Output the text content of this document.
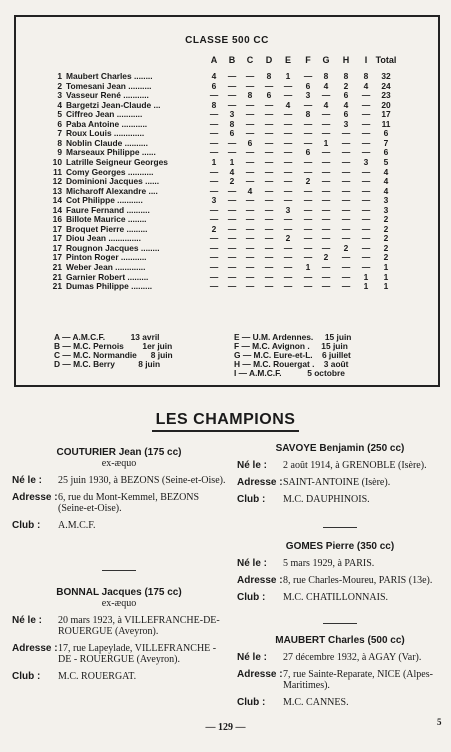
CLASSE 500 CC
A	B	C	D	E	F	G	H	I Total
1 Maubert Charles ........	4	—	—	8	1	—	8	8	8	32
2 Tomesani Jean ..........	6	—	—	—	—	6	4	2	4	24
3 Vasseur René ...........	—	—	8	6	—	3	—	6	—	23
4 Bargetzi Jean-Claude ...	8	—	—	—	4	—	4	4	—	20
5 Ciffreo Jean ...........	—	3	—	—	—	8	—	6	—	17
6 Paba Antoine ...........	—	8	—	—	—	—	—	3	—	11
7 Roux Louis .............	—	6	—	—	—	—	—	—	—	6
8 Noblin Claude ..........	—	—	6	—	—	—	1	—	—	7
9 Marseaux Philippe ......	—	—	—	—	—	6	—	—	—	6
10 Latrille Seigneur Georges	1	1	—	—	—	—	—	—	3	5
11 Comy Georges ...........	—	4	—	—	—	—	—	—	—	4
12 Dominioni Jacques ......	—	2	—	—	—	2	—	—	—	4
13 Micharoff Alexandre ....	—	—	4	—	—	—	—	—	—	4
14 Cot Philippe ...........	3	—	—	—	—	—	—	—	—	3
14 Faure Fernand ..........	—	—	—	—	3	—	—	—	—	3
16 Billote Maurice ........	—	—	—	—	—	—	—	—	—	2
17 Broquet Pierre .........	2	—	—	—	—	—	—	—	—	2
17 Diou Jean ..............	—	—	—	—	2	—	—	—	—	2
17 Rougnon Jacques ........	—	—	—	—	—	—	—	2	—	2
17 Pinton Roger ...........	—	—	—	—	—	—	2	—	—	2
21 Weber Jean .............	—	—	—	—	—	1	—	—	—	1
21 Garnier Robert .........	—	—	—	—	—	—	—	—	1	1
21 Dumas Philippe .........	—	—	—	—	—	—	—	—	1	1
A — A.M.C.F.           13 avril
B — M.C. Pernois        1er juin
C — M.C. Normandie      8 juin
D — M.C. Berry          8 juin
E — U.M. Ardennes.     15 juin
F — M.C. Avignon .     15 juin
G — M.C. Eure-et-L.    6 juillet
H — M.C. Rouergat .    3 août
I — A.M.C.F.           5 octobre
LES CHAMPIONS
COUTURIER Jean (175 cc)
ex-æquo
Né le : 25 juin 1930, à BEZONS (Seine-et-Oise).
Adresse :6, rue du Mont-Kemmel, BEZONS (Seine-et-Oise).
Club : A.M.C.F.
BONNAL Jacques (175 cc)
ex-æquo
Né le : 20 mars 1923, à VILLEFRANCHE-DE-ROUERGUE (Aveyron).
Adresse :17, rue Lapeylade, VILLEFRANCHE - DE - ROUERGUE (Aveyron).
Club : M.C. ROUERGAT.
SAVOYE Benjamin (250 cc)
Né le : 2 août 1914, à GRENOBLE (Isère).
Adresse :SAINT-ANTOINE (Isère).
Club : M.C. DAUPHINOIS.
GOMES Pierre (350 cc)
Né le : 5 mars 1929, à PARIS.
Adresse :8, rue Charles-Moureu, PARIS (13e).
Club : M.C. CHATILLONNAIS.
MAUBERT Charles (500 cc)
Né le : 27 décembre 1932, à AGAY (Var).
Adresse :7, rue Sainte-Reparate, NICE (Alpes-Maritimes).
Club : M.C. CANNES.
— 129 —	5
